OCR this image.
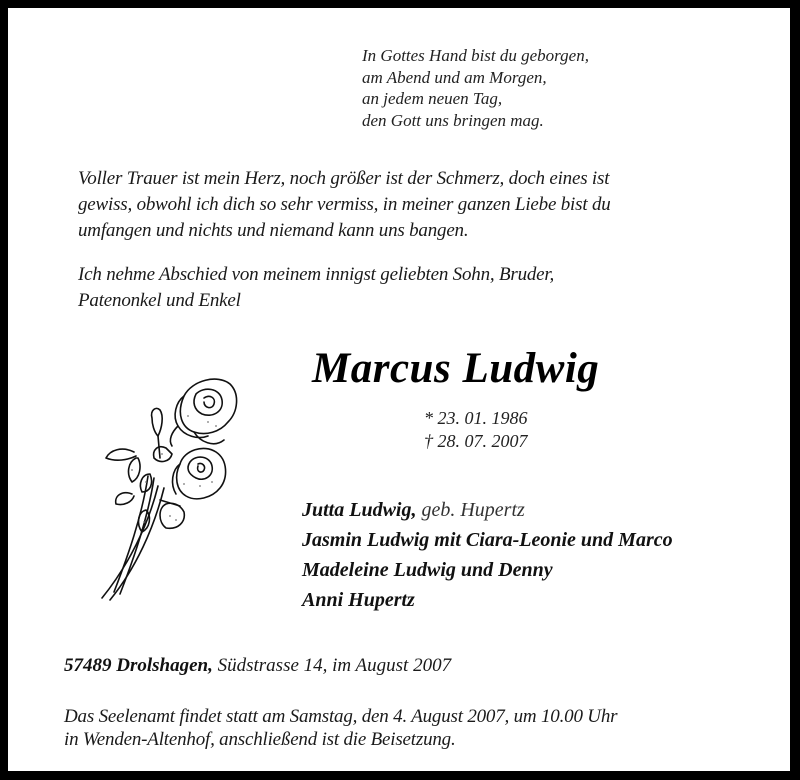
In Gottes Hand bist du geborgen,
am Abend und am Morgen,
an jedem neuen Tag,
den Gott uns bringen mag.
Voller Trauer ist mein Herz, noch größer ist der Schmerz, doch eines ist
gewiss, obwohl ich dich so sehr vermiss, in meiner ganzen Liebe bist du
umfangen und nichts und niemand kann uns bangen.
Ich nehme Abschied von meinem innigst geliebten Sohn, Bruder,
Patenonkel und Enkel
Marcus Ludwig
* 23. 01. 1986
† 28. 07. 2007
Jutta Ludwig, geb. Hupertz
Jasmin Ludwig mit Ciara-Leonie und Marco
Madeleine Ludwig und Denny
Anni Hupertz
57489 Drolshagen, Südstrasse 14, im August 2007
Das Seelenamt findet statt am Samstag, den 4. August 2007, um 10.00 Uhr
in Wenden-Altenhof, anschließend ist die Beisetzung.
